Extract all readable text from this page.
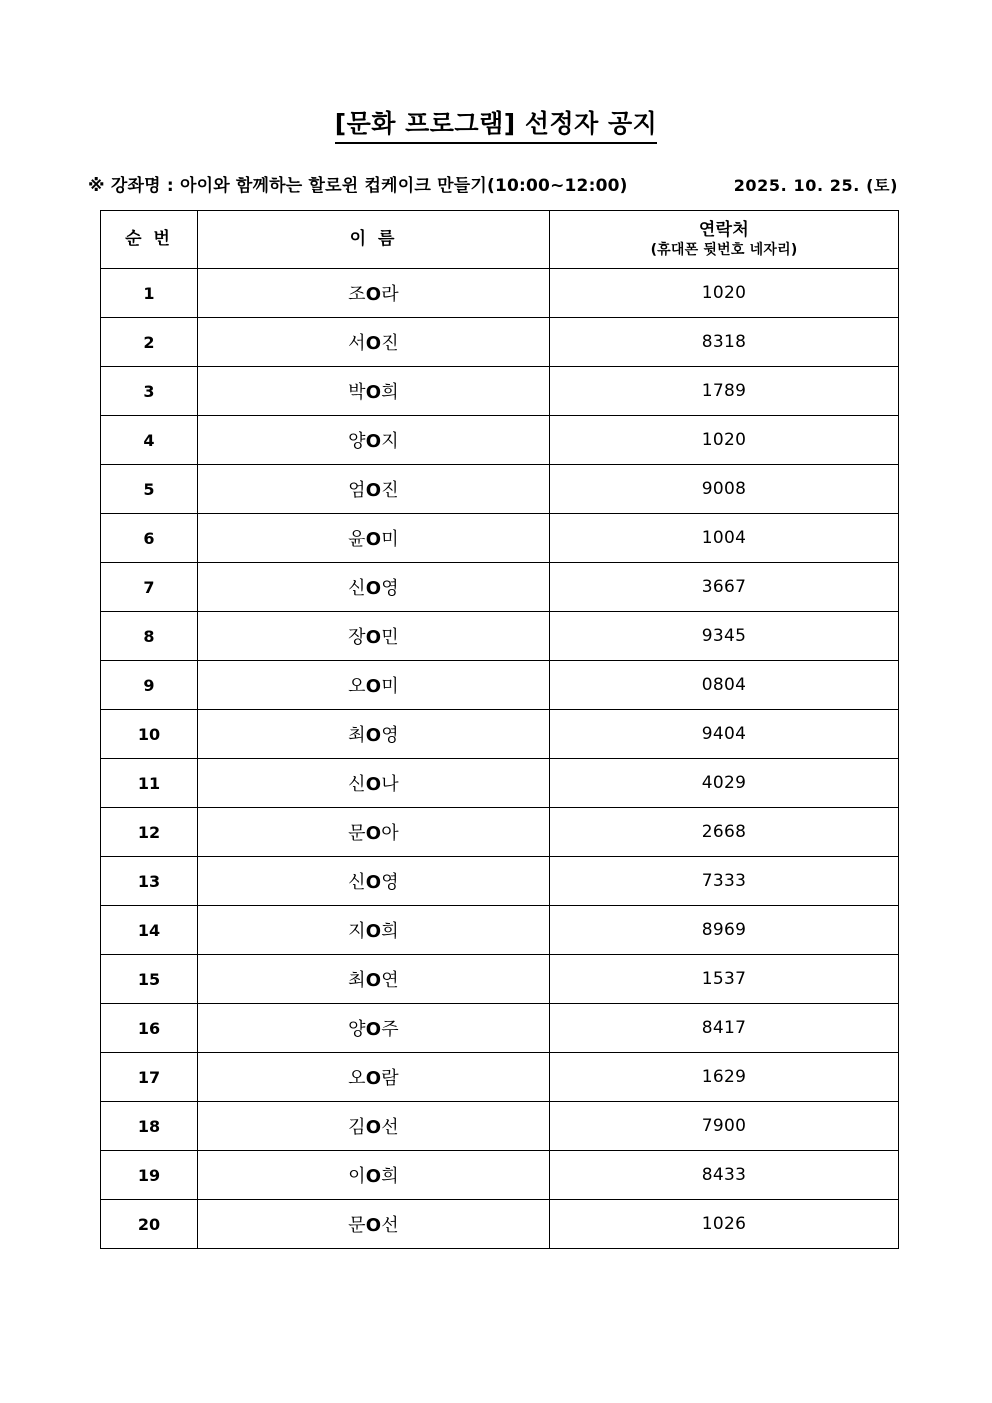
[문화 프로그램] 선정자 공지
※ 강좌명 : 아이와 함께하는 할로윈 컵케이크 만들기(10:00~12:00)	2025. 10. 25. (토)
순 번	이 름	연락처
(휴대폰 뒷번호 네자리)

1	조O라	1020
2	서O진	8318
3	박O희	1789
4	양O지	1020
5	엄O진	9008
6	윤O미	1004
7	신O영	3667
8	장O민	9345
9	오O미	0804
10	최O영	9404
11	신O나	4029
12	문O아	2668
13	신O영	7333
14	지O희	8969
15	최O연	1537
16	양O주	8417
17	오O람	1629
18	김O선	7900
19	이O희	8433
20	문O선	1026
